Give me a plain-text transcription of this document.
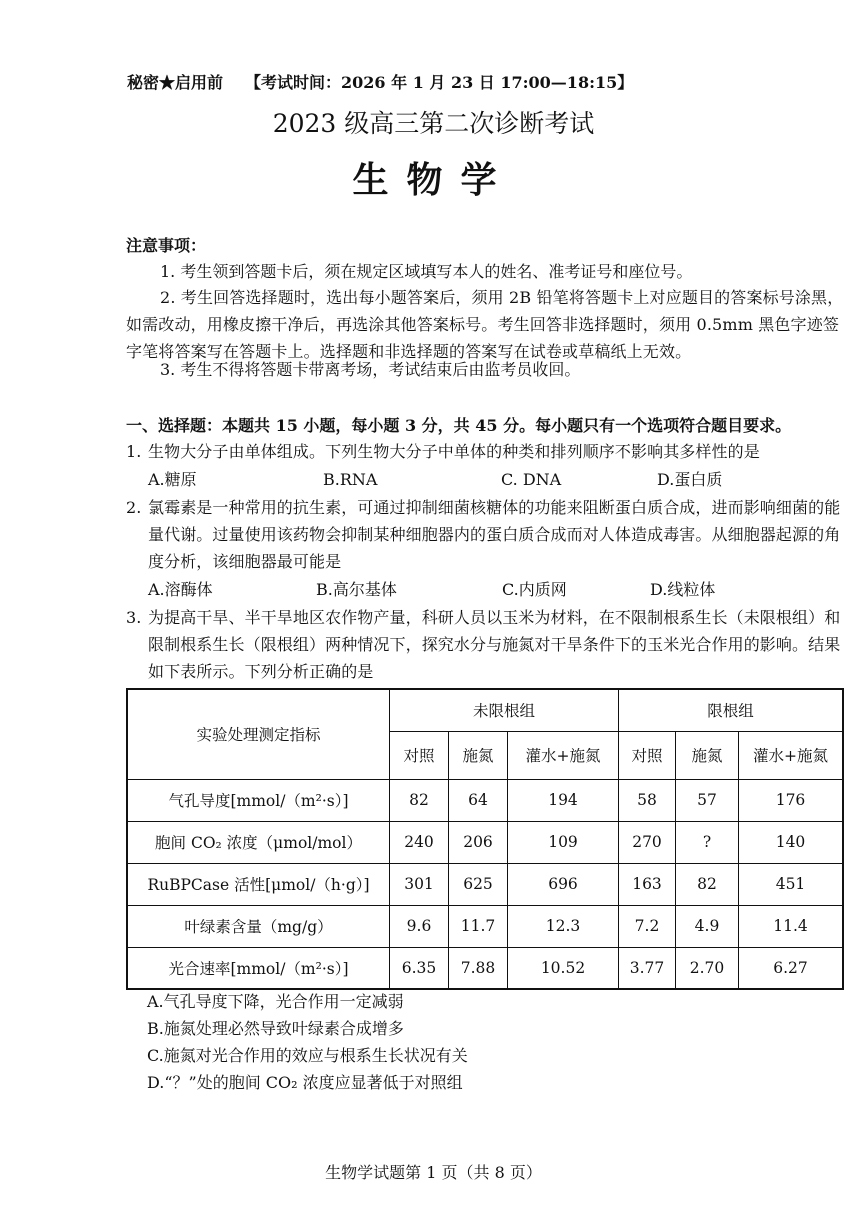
秘密★启用前 【考试时间：2026 年 1 月 23 日 17:00—18:15】
2023 级高三第二次诊断考试
生物学
注意事项：
1. 考生领到答题卡后，须在规定区域填写本人的姓名、准考证号和座位号。
2. 考生回答选择题时，选出每小题答案后，须用 2B 铅笔将答题卡上对应题目的答案标号涂黑，如需改动，用橡皮擦干净后，再选涂其他答案标号。考生回答非选择题时，须用 0.5mm 黑色字迹签字笔将答案写在答题卡上。选择题和非选择题的答案写在试卷或草稿纸上无效。
3. 考生不得将答题卡带离考场，考试结束后由监考员收回。
一、选择题：本题共 15 小题，每小题 3 分，共 45 分。每小题只有一个选项符合题目要求。
1. 生物大分子由单体组成。下列生物大分子中单体的种类和排列顺序不影响其多样性的是
A.糖原	B.RNA	C. DNA	D.蛋白质
2. 氯霉素是一种常用的抗生素，可通过抑制细菌核糖体的功能来阻断蛋白质合成，进而影响细菌的能量代谢。过量使用该药物会抑制某种细胞器内的蛋白质合成而对人体造成毒害。从细胞器起源的角度分析，该细胞器最可能是
A.溶酶体	B.高尔基体	C.内质网	D.线粒体
3. 为提高干旱、半干旱地区农作物产量，科研人员以玉米为材料，在不限制根系生长（未限根组）和限制根系生长（限根组）两种情况下，探究水分与施氮对干旱条件下的玉米光合作用的影响。结果如下表所示。下列分析正确的是
实验处理测定指标	未限根组			限根组		
	对照	施氮	灌水+施氮	对照	施氮	灌水+施氮
气孔导度[mmol/（m²·s）]	82	64	194	58	57	176
胞间 CO₂ 浓度（μmol/mol）	240	206	109	270	?	140
RuBPCase 活性[μmol/（h·g）]	301	625	696	163	82	451
叶绿素含量（mg/g）	9.6	11.7	12.3	7.2	4.9	11.4
光合速率[mmol/（m²·s）]	6.35	7.88	10.52	3.77	2.70	6.27
A.气孔导度下降，光合作用一定减弱
B.施氮处理必然导致叶绿素合成增多
C.施氮对光合作用的效应与根系生长状况有关
D.“？”处的胞间 CO₂ 浓度应显著低于对照组
生物学试题第 1 页（共 8 页）
